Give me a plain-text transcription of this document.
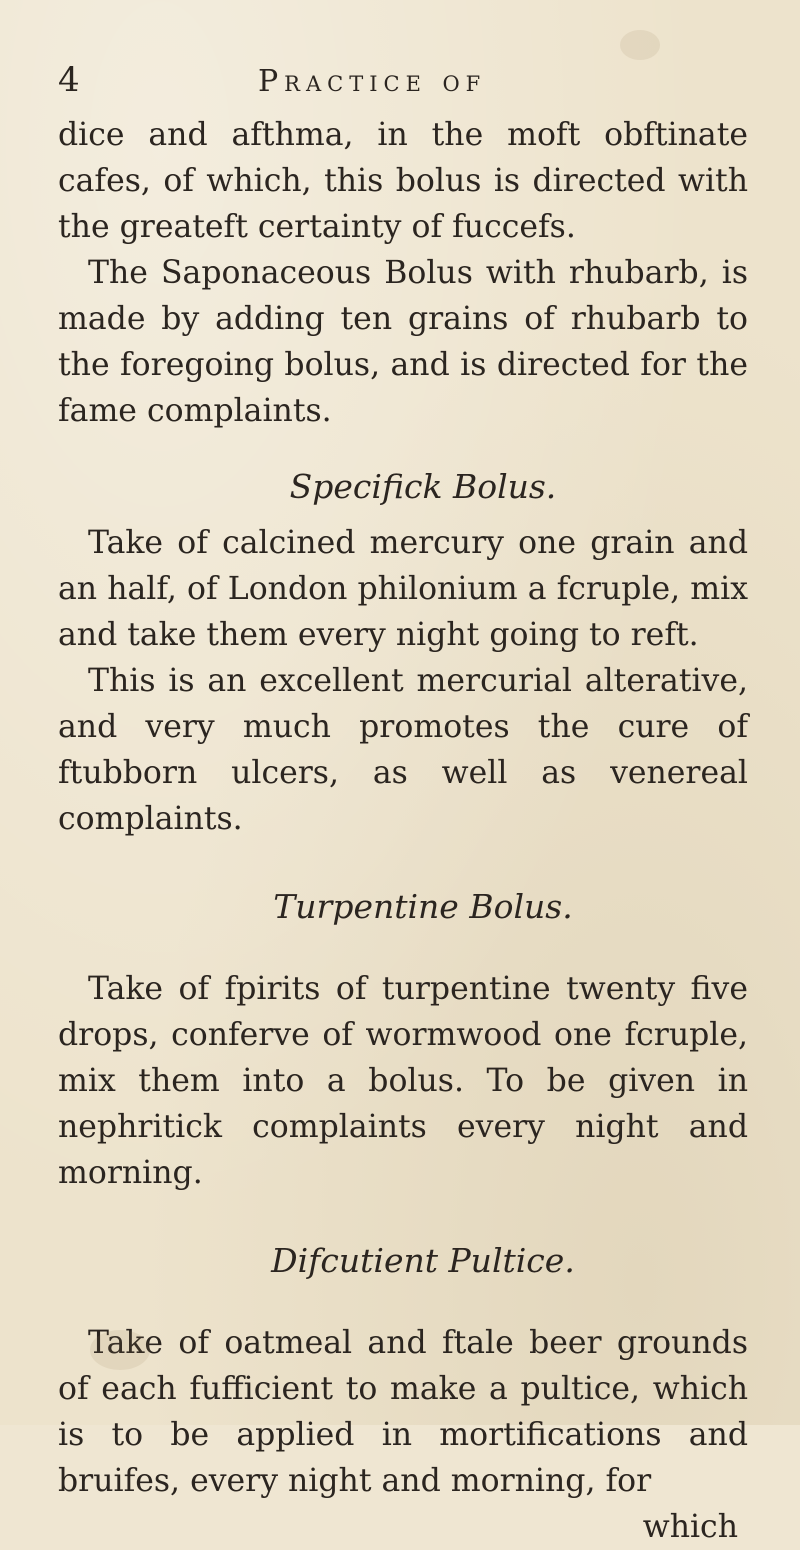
4	Practice of

dice and afthma, in the moft obftinate cafes, of which, this bolus is directed with the greateft certainty of fuccefs.

The Saponaceous Bolus with rhubarb, is made by adding ten grains of rhubarb to the foregoing bolus, and is directed for the fame complaints.

Specifick Bolus.

Take of calcined mercury one grain and an half, of London philonium a fcruple, mix and take them every night going to reft.

This is an excellent mercurial alterative, and very much promotes the cure of ftubborn ulcers, as well as venereal complaints.

Turpentine Bolus.

Take of fpirits of turpentine twenty five drops, conferve of wormwood one fcruple, mix them into a bolus. To be given in nephritick complaints every night and morning.

Difcutient Pultice.

Take of oatmeal and ftale beer grounds of each fufficient to make a pultice, which is to be applied in mortifications and bruifes, every night and morning, for

which
